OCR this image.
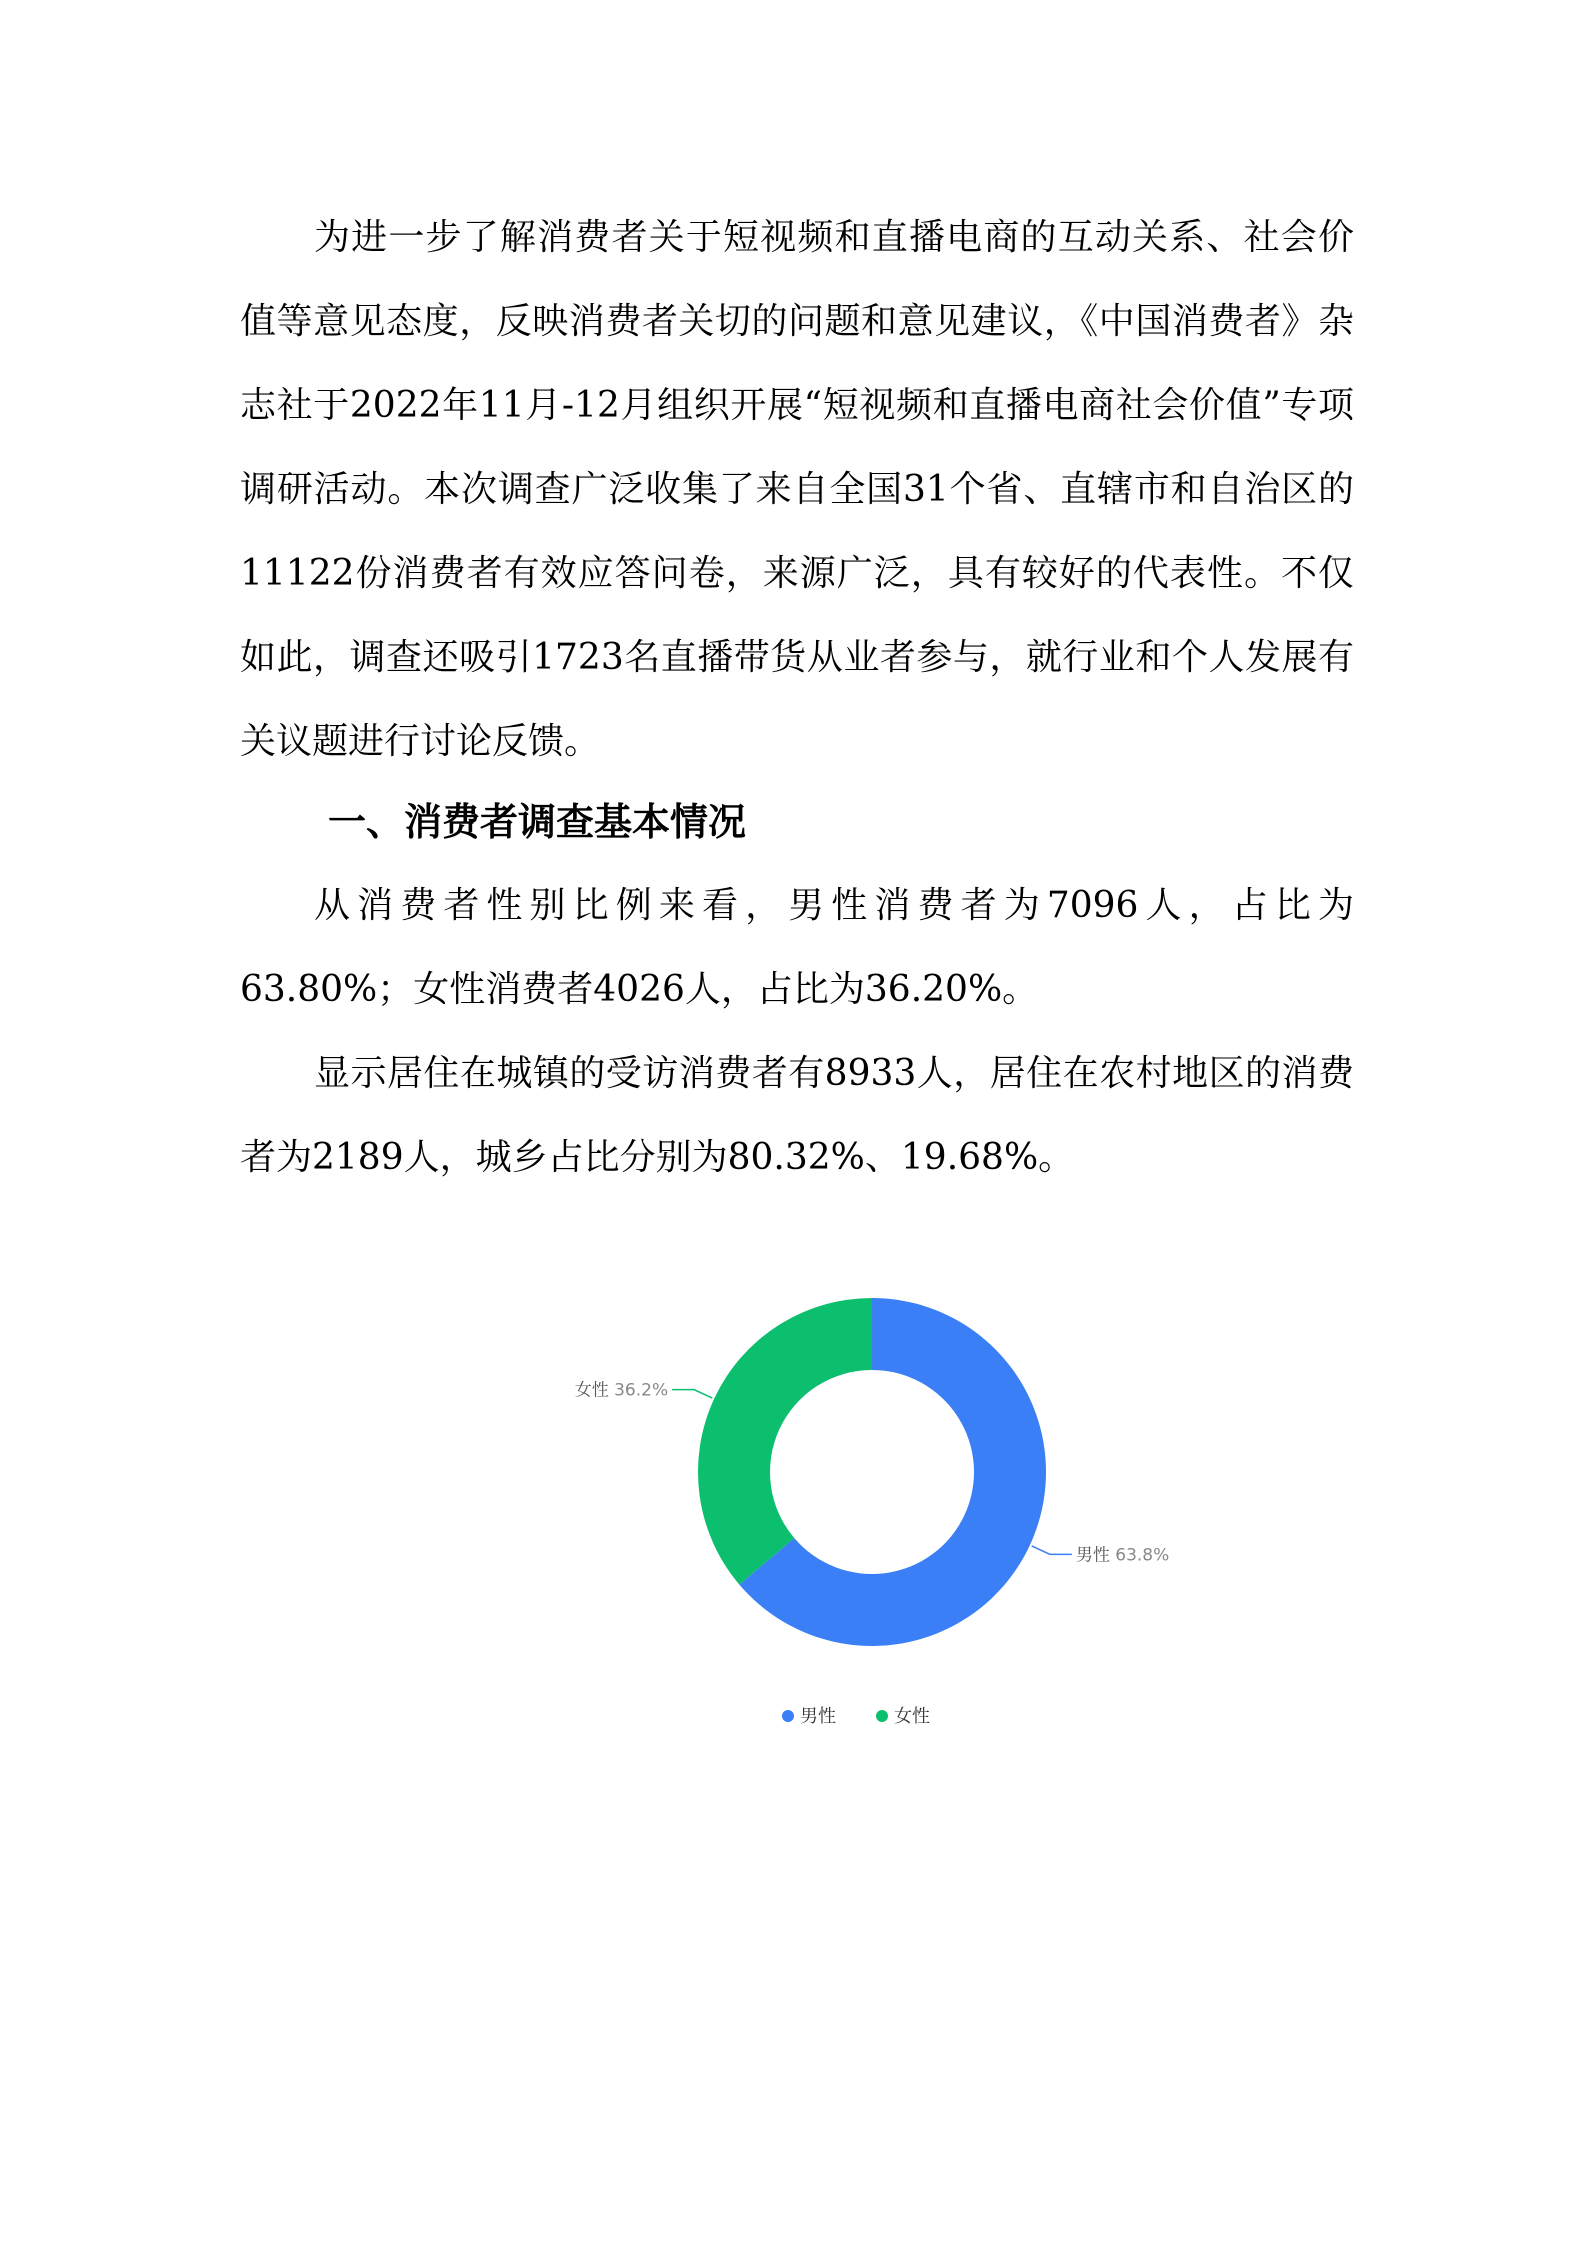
为进一步了解消费者关于短视频和直播电商的互动关系、社会价值等意见态度，反映消费者关切的问题和意见建议，《中国消费者》杂志社于2022年11月-12月组织开展“短视频和直播电商社会价值”专项调研活动。本次调查广泛收集了来自全国31个省、直辖市和自治区的11122份消费者有效应答问卷，来源广泛，具有较好的代表性。不仅如此，调查还吸引1723名直播带货从业者参与，就行业和个人发展有关议题进行讨论反馈。

一、消费者调查基本情况

从消费者性别比例来看，男性消费者为7096人，占比为63.80%；女性消费者4026人，占比为36.20%。

显示居住在城镇的受访消费者有8933人，居住在农村地区的消费者为2189人，城乡占比分别为80.32%、19.68%。

男性 63.8%
女性 36.2%
男性	女性
